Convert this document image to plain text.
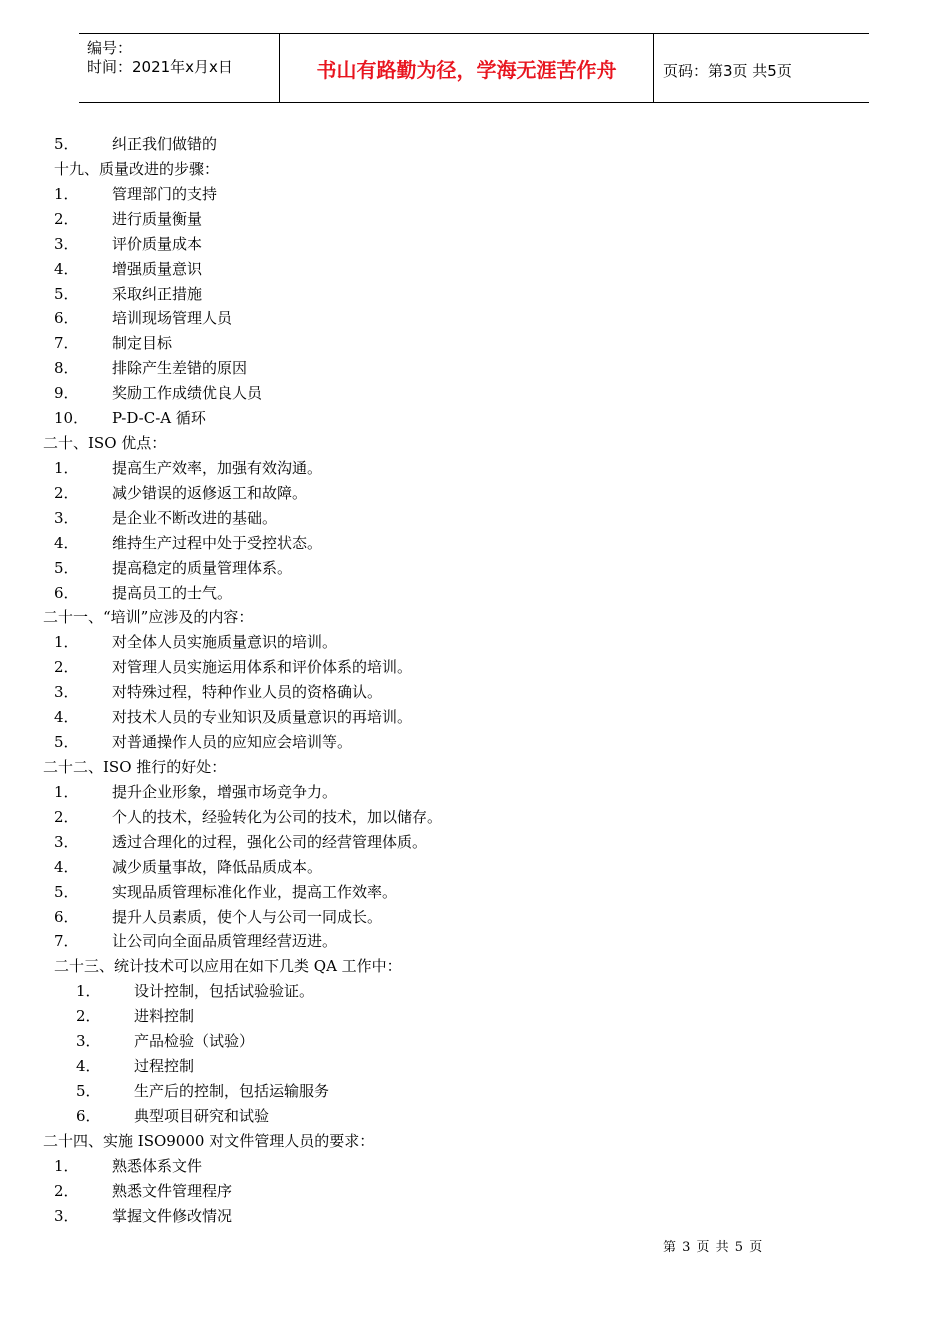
编号：
时间：2021年x月x日	书山有路勤为径，学海无涯苦作舟	页码：第3页 共5页
5． 纠正我们做错的
十九、质量改进的步骤：
1． 管理部门的支持
2． 进行质量衡量
3． 评价质量成本
4． 增强质量意识
5． 采取纠正措施
6． 培训现场管理人员
7． 制定目标
8． 排除产生差错的原因
9． 奖励工作成绩优良人员
10． P-D-C-A 循环
二十、ISO 优点：
1． 提高生产效率，加强有效沟通。
2． 减少错误的返修返工和故障。
3． 是企业不断改进的基础。
4． 维持生产过程中处于受控状态。
5． 提高稳定的质量管理体系。
6． 提高员工的士气。
二十一、“培训”应涉及的内容：
1． 对全体人员实施质量意识的培训。
2． 对管理人员实施运用体系和评价体系的培训。
3． 对特殊过程，特种作业人员的资格确认。
4． 对技术人员的专业知识及质量意识的再培训。
5． 对普通操作人员的应知应会培训等。
二十二、ISO 推行的好处：
1． 提升企业形象，增强市场竞争力。
2． 个人的技术，经验转化为公司的技术，加以储存。
3． 透过合理化的过程，强化公司的经营管理体质。
4． 减少质量事故，降低品质成本。
5． 实现品质管理标准化作业，提高工作效率。
6． 提升人员素质，使个人与公司一同成长。
7． 让公司向全面品质管理经营迈进。
二十三、统计技术可以应用在如下几类 QA 工作中：
1． 设计控制，包括试验验证。
2． 进料控制
3． 产品检验（试验）
4． 过程控制
5． 生产后的控制，包括运输服务
6． 典型项目研究和试验
二十四、实施 ISO9000 对文件管理人员的要求：
1． 熟悉体系文件
2． 熟悉文件管理程序
3． 掌握文件修改情况
第 3 页 共 5 页
